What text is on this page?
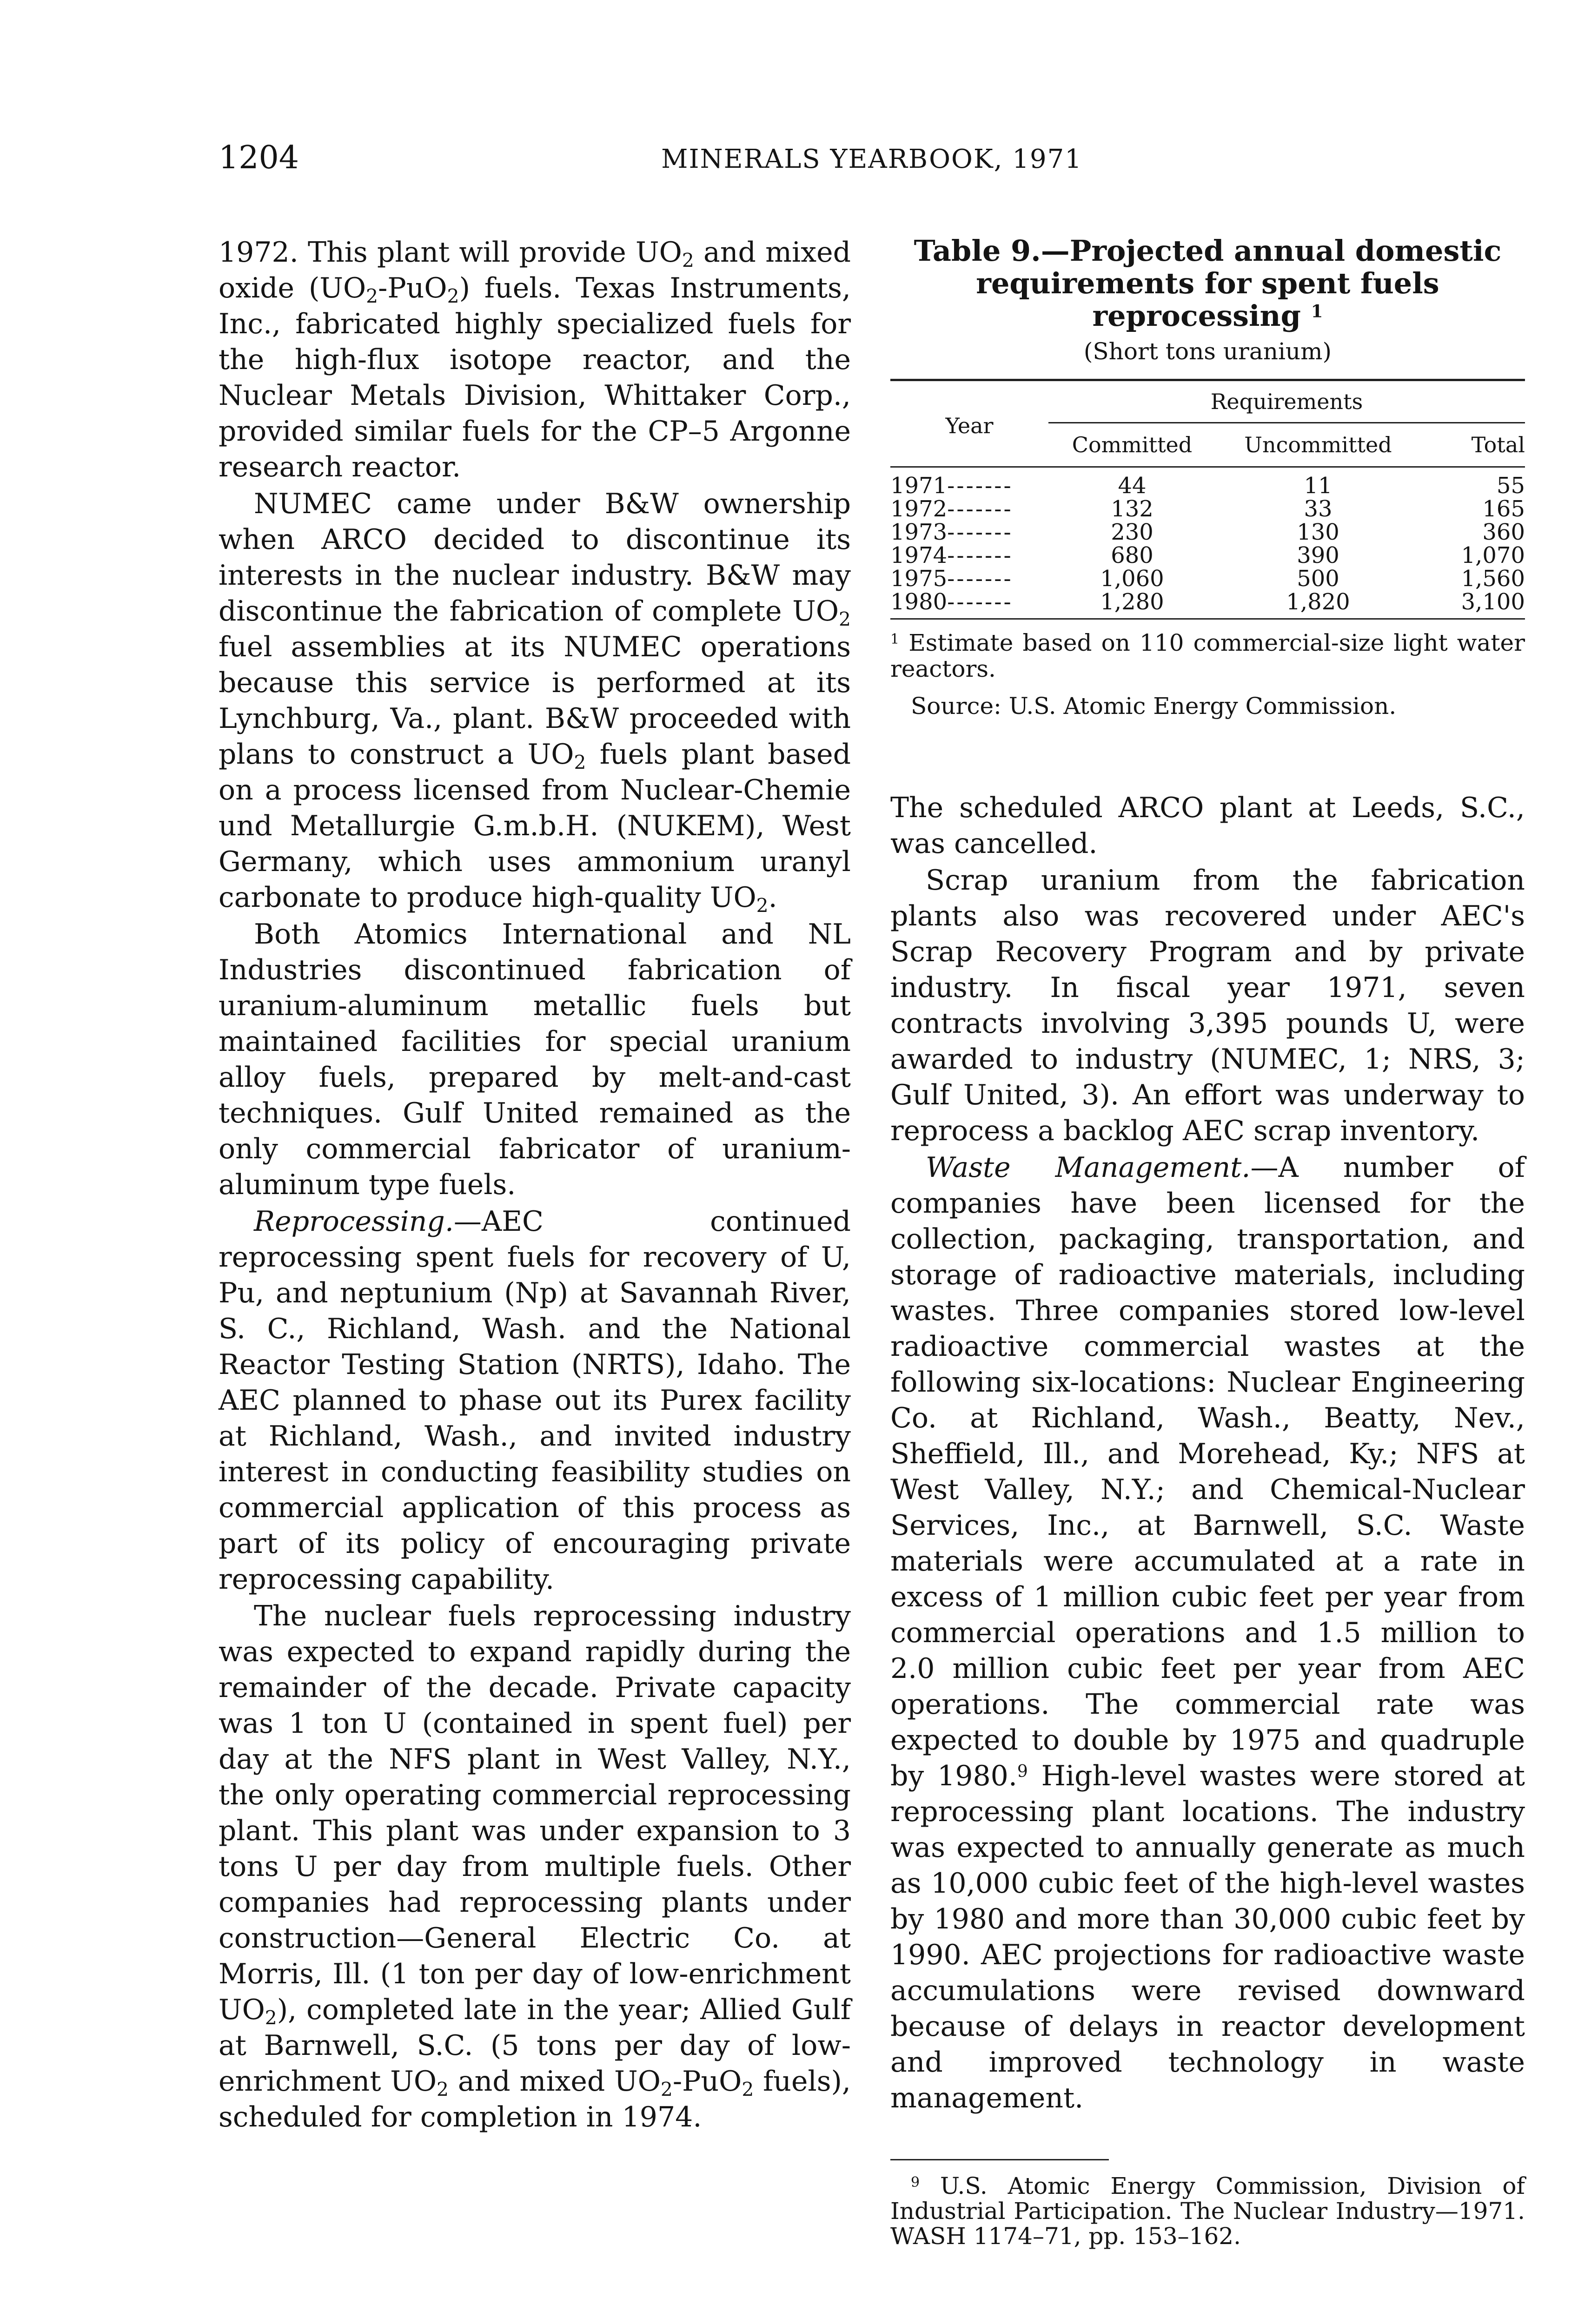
1204	MINERALS YEARBOOK, 1971

1972. This plant will provide $UO_2$ and mixed oxide $(UO_2-PuO_2)$ fuels. Texas Instruments, Inc., fabricated highly specialized fuels for the high-flux isotope reactor, and the Nuclear Metals Division, Whittaker Corp., provided similar fuels for the CP–5 Argonne research reactor.

NUMEC came under B&W ownership when ARCO decided to discontinue its interests in the nuclear industry. B&W may discontinue the fabrication of complete $UO_2$ fuel assemblies at its NUMEC operations because this service is performed at its Lynchburg, Va., plant. B&W proceeded with plans to construct a $UO_2$ fuels plant based on a process licensed from Nuclear-Chemie und Metallurgie G.m.b.H. (NUKEM), West Germany, which uses ammonium uranyl carbonate to produce high-quality $UO_2$.

Both Atomics International and NL Industries discontinued fabrication of uranium-aluminum metallic fuels but maintained facilities for special uranium alloy fuels, prepared by melt-and-cast techniques. Gulf United remained as the only commercial fabricator of uranium-aluminum type fuels.

Reprocessing.—AEC continued reprocessing spent fuels for recovery of U, Pu, and neptunium (Np) at Savannah River, S. C., Richland, Wash. and the National Reactor Testing Station (NRTS), Idaho. The AEC planned to phase out its Purex facility at Richland, Wash., and invited industry interest in conducting feasibility studies on commercial application of this process as part of its policy of encouraging private reprocessing capability.

The nuclear fuels reprocessing industry was expected to expand rapidly during the remainder of the decade. Private capacity was 1 ton U (contained in spent fuel) per day at the NFS plant in West Valley, N.Y., the only operating commercial reprocessing plant. This plant was under expansion to 3 tons U per day from multiple fuels. Other companies had reprocessing plants under construction—General Electric Co. at Morris, Ill. (1 ton per day of low-enrichment $UO_2$), completed late in the year; Allied Gulf at Barnwell, S.C. (5 tons per day of low-enrichment $UO_2$ and mixed $UO_2-PuO_2$ fuels), scheduled for completion in 1974.

Table 9.—Projected annual domestic
requirements for spent fuels
reprocessing $^1$
(Short tons uranium)
Year	Requirements		
	Committed	Uncommitted	Total
1971-------	44	11	55
1972-------	132	33	165
1973-------	230	130	360
1974-------	680	390	1,070
1975-------	1,060	500	1,560
1980-------	1,280	1,820	3,100
$^1$ Estimate based on 110 commercial-size light water reactors.
Source: U.S. Atomic Energy Commission.

The scheduled ARCO plant at Leeds, S.C., was cancelled.

Scrap uranium from the fabrication plants also was recovered under AEC's Scrap Recovery Program and by private industry. In fiscal year 1971, seven contracts involving 3,395 pounds U, were awarded to industry (NUMEC, 1; NRS, 3; Gulf United, 3). An effort was underway to reprocess a backlog AEC scrap inventory.

Waste Management.—A number of companies have been licensed for the collection, packaging, transportation, and storage of radioactive materials, including wastes. Three companies stored low-level radioactive commercial wastes at the following six-locations: Nuclear Engineering Co. at Richland, Wash., Beatty, Nev., Sheffield, Ill., and Morehead, Ky.; NFS at West Valley, N.Y.; and Chemical-Nuclear Services, Inc., at Barnwell, S.C. Waste materials were accumulated at a rate in excess of 1 million cubic feet per year from commercial operations and 1.5 million to 2.0 million cubic feet per year from AEC operations. The commercial rate was expected to double by 1975 and quadruple by 1980.$^9$ High-level wastes were stored at reprocessing plant locations. The industry was expected to annually generate as much as 10,000 cubic feet of the high-level wastes by 1980 and more than 30,000 cubic feet by 1990. AEC projections for radioactive waste accumulations were revised downward because of delays in reactor development and improved technology in waste management.

$^9$ U.S. Atomic Energy Commission, Division of Industrial Participation. The Nuclear Industry—1971. WASH 1174–71, pp. 153–162.
